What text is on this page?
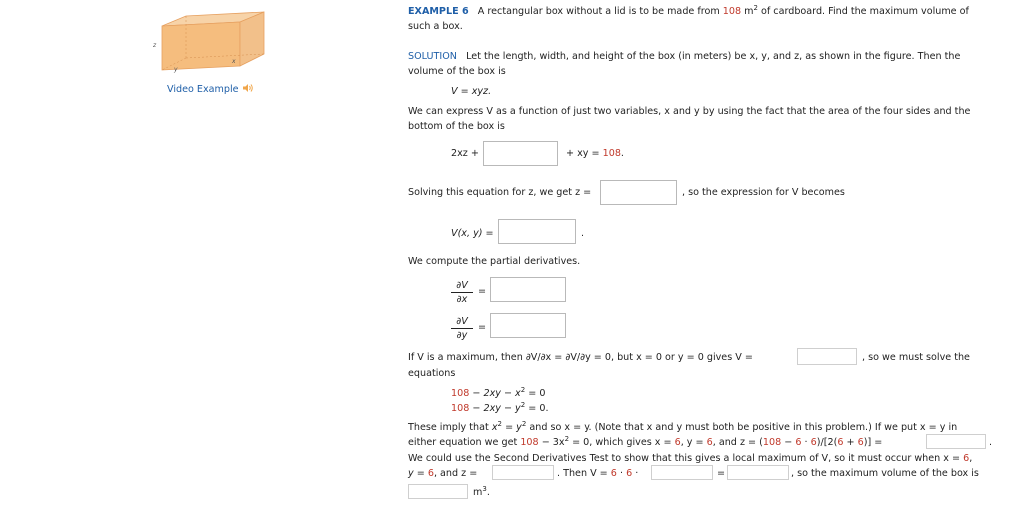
z
x
y
Video Example
EXAMPLE 6 A rectangular box without a lid is to be made from 108 $m^2$ of cardboard. Find the maximum volume of
such a box.
SOLUTION Let the length, width, and height of the box (in meters) be x, y, and z, as shown in the figure. Then the
volume of the box is
V = xyz.
We can express V as a function of just two variables, x and y by using the fact that the area of the four sides and the
bottom of the box is
2xz +	+ xy = 108.
Solving this equation for z, we get z =	, so the expression for V becomes
V(x, y) =	.
We compute the partial derivatives.
$\frac{\partial V}{\partial x}$ =
$\frac{\partial V}{\partial y}$ =
If V is a maximum, then ∂V/∂x = ∂V/∂y = 0, but x = 0 or y = 0 gives V =	, so we must solve the
equations
$108 - 2xy - x^2 = 0$
$108 - 2xy - y^2 = 0$.
These imply that $x^2 = y^2$ and so x = y. (Note that x and y must both be positive in this problem.) If we put x = y in
either equation we get $108 - 3x^2 = 0$, which gives x = 6, y = 6, and z = (108 − 6 · 6)/[2(6 + 6)] =	.
We could use the Second Derivatives Test to show that this gives a local maximum of V, so it must occur when x = 6,
y = 6, and z =	. Then V = 6 · 6 ·	=	, so the maximum volume of the box is
$m^3$.
